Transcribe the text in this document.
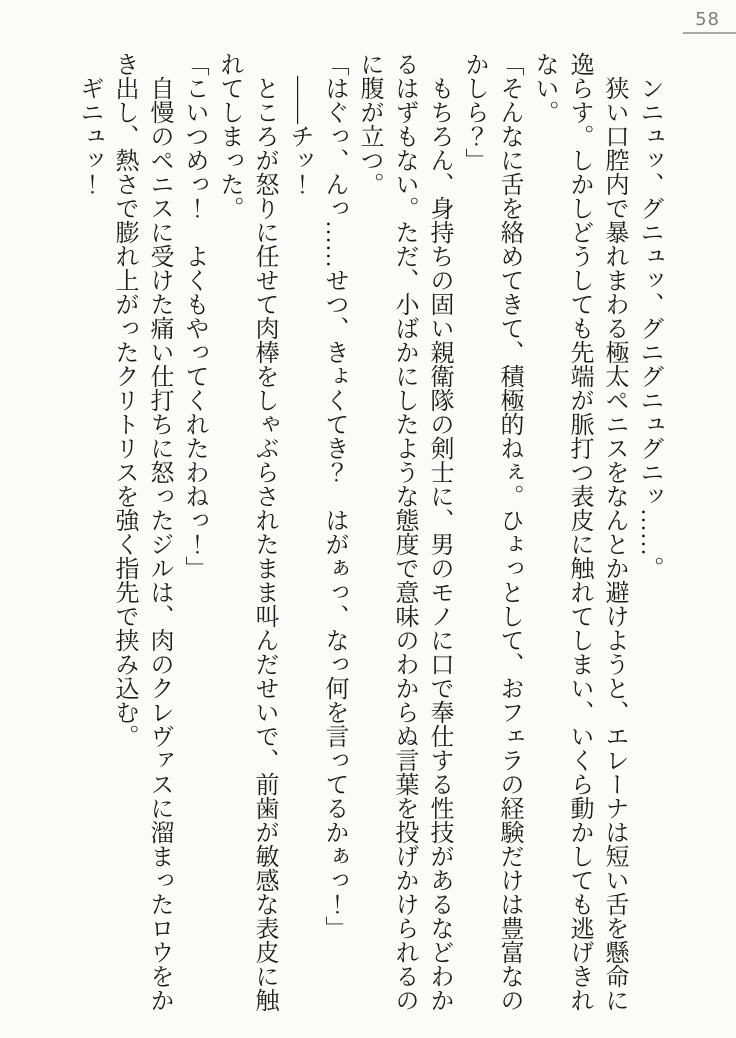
58

　ンニュッ、グニュッ、グニグニュグニッ……。

　狭い口腔内で暴れまわる極太ペニスをなんとか避けようと、エレーナは短い舌を懸命に逸らす。しかしどうしても先端が脈打つ表皮に触れてしまい、いくら動かしても逃げきれない。

「そんなに舌を絡めてきて、積極的ねぇ。ひょっとして、おフェラの経験だけは豊富なのかしら？」

　もちろん、身持ちの固い親衛隊の剣士に、男のモノに口で奉仕する性技があるなどわかるはずもない。ただ、小ばかにしたような態度で意味のわからぬ言葉を投げかけられるのに腹が立つ。

「はぐっ、んっ……せつ、きょくてき？　はがぁっ、なっ何を言ってるかぁっ！」

　――チッ！

　ところが怒りに任せて肉棒をしゃぶらされたまま叫んだせいで、前歯が敏感な表皮に触れてしまった。

「こいつめっ！　よくもやってくれたわねっ！」

　自慢のペニスに受けた痛い仕打ちに怒ったジルは、肉のクレヴァスに溜まったロウをかき出し、熱さで膨れ上がったクリトリスを強く指先で挟み込む。

　ギニュッ！
